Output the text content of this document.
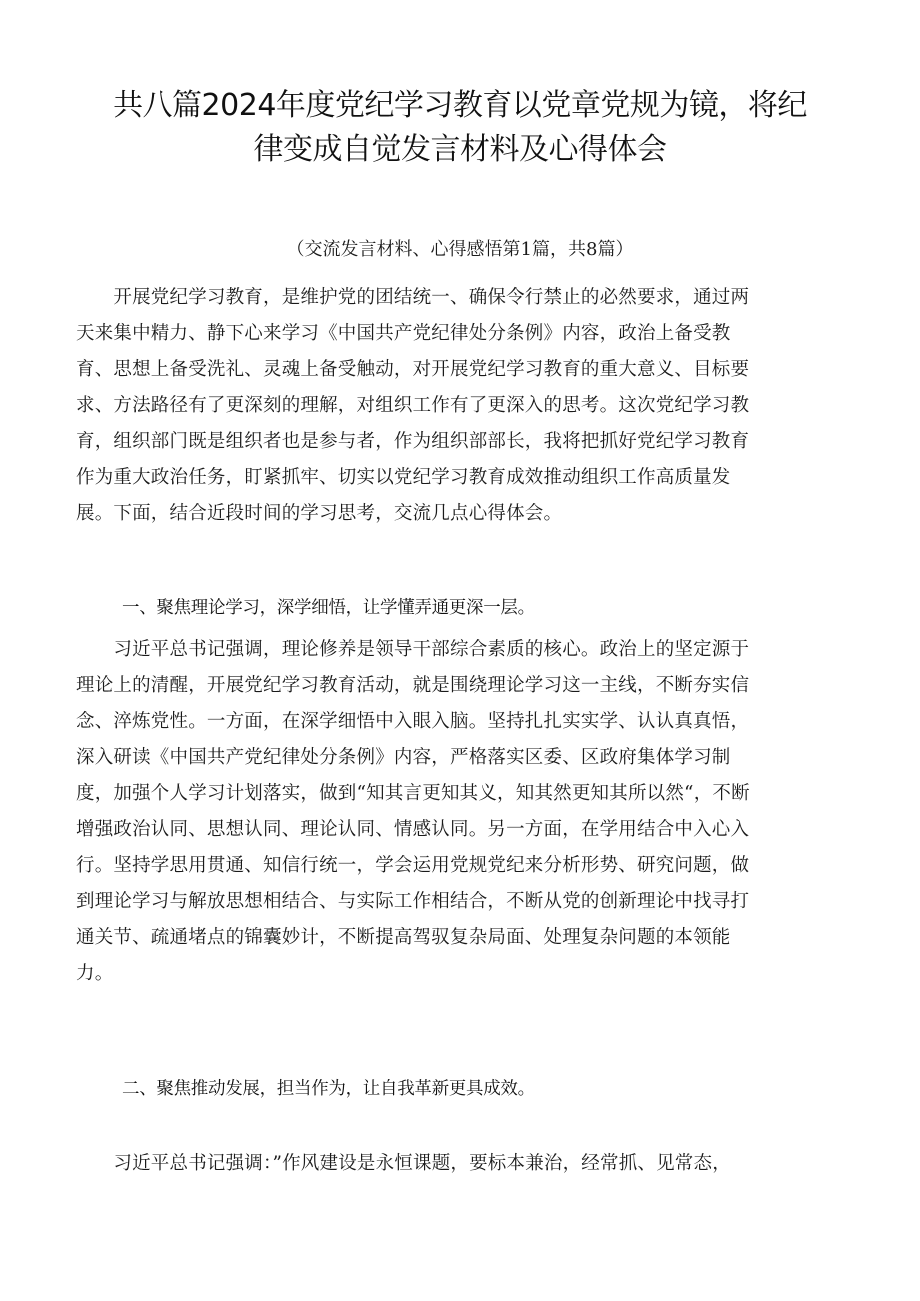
共八篇2024年度党纪学习教育以党章党规为镜，将纪
律变成自觉发言材料及心得体会

（交流发言材料、心得感悟第1篇，共8篇）

　　开展党纪学习教育，是维护党的团结统一、确保令行禁止的必然要求，通过两
天来集中精力、静下心来学习《中国共产党纪律处分条例》内容，政治上备受教
育、思想上备受洗礼、灵魂上备受触动，对开展党纪学习教育的重大意义、目标要
求、方法路径有了更深刻的理解，对组织工作有了更深入的思考。这次党纪学习教
育，组织部门既是组织者也是参与者，作为组织部部长，我将把抓好党纪学习教育
作为重大政治任务，盯紧抓牢、切实以党纪学习教育成效推动组织工作高质量发
展。下面，结合近段时间的学习思考，交流几点心得体会。
一、聚焦理论学习，深学细悟，让学懂弄通更深一层。
　　习近平总书记强调，理论修养是领导干部综合素质的核心。政治上的坚定源于
理论上的清醒，开展党纪学习教育活动，就是围绕理论学习这一主线，不断夯实信
念、淬炼党性。一方面，在深学细悟中入眼入脑。坚持扎扎实实学、认认真真悟，
深入研读《中国共产党纪律处分条例》内容，严格落实区委、区政府集体学习制
度，加强个人学习计划落实，做到“知其言更知其义，知其然更知其所以然“，不断
增强政治认同、思想认同、理论认同、情感认同。另一方面，在学用结合中入心入
行。坚持学思用贯通、知信行统一，学会运用党规党纪来分析形势、研究问题，做
到理论学习与解放思想相结合、与实际工作相结合，不断从党的创新理论中找寻打
通关节、疏通堵点的锦囊妙计，不断提高驾驭复杂局面、处理复杂问题的本领能
力。
二、聚焦推动发展，担当作为，让自我革新更具成效。
　　习近平总书记强调：”作风建设是永恒课题，要标本兼治，经常抓、见常态，
